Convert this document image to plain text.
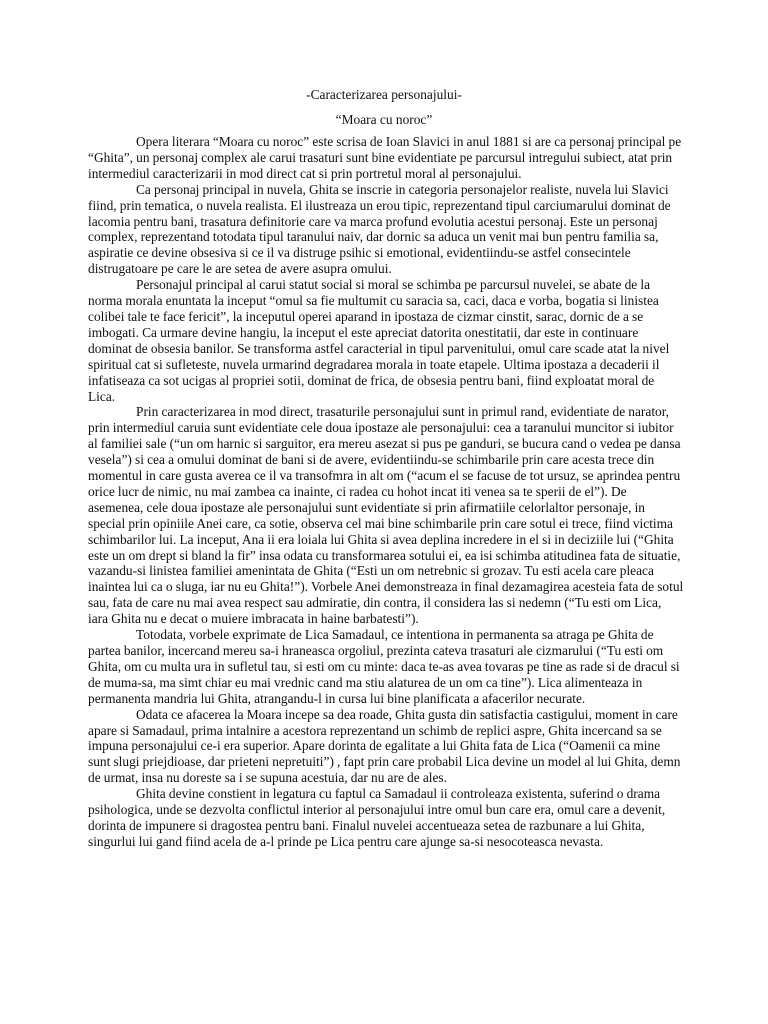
-Caracterizarea personajului-
“Moara cu noroc”

Opera literara “Moara cu noroc” este scrisa de Ioan Slavici in anul 1881 si are ca personaj principal pe “Ghita”, un personaj complex ale carui trasaturi sunt bine evidentiate pe parcursul intregului subiect, atat prin intermediul caracterizarii in mod direct cat si prin portretul moral al personajului.

Ca personaj principal in nuvela, Ghita se inscrie in categoria personajelor realiste, nuvela lui Slavici fiind, prin tematica, o nuvela realista. El ilustreaza un erou tipic, reprezentand tipul carciumarului dominat de lacomia pentru bani, trasatura definitorie care va marca profund evolutia acestui personaj. Este un personaj complex, reprezentand totodata tipul taranului naiv, dar dornic sa aduca un venit mai bun pentru familia sa, aspiratie ce devine obsesiva si ce il va distruge psihic si emotional, evidentiindu-se astfel consecintele distrugatoare pe care le are setea de avere asupra omului.

Personajul principal al carui statut social si moral se schimba pe parcursul nuvelei, se abate de la norma morala enuntata la inceput “omul sa fie multumit cu saracia sa, caci, daca e vorba, bogatia si linistea colibei tale te face fericit”, la inceputul operei aparand in ipostaza de cizmar cinstit, sarac, dornic de a se imbogati. Ca urmare devine hangiu, la inceput el este apreciat datorita onestitatii, dar este in continuare dominat de obsesia banilor. Se transforma astfel caracterial in tipul parvenitului, omul care scade atat la nivel spiritual cat si sufleteste, nuvela urmarind degradarea morala in toate etapele. Ultima ipostaza a decaderii il infatiseaza ca sot ucigas al propriei sotii, dominat de frica, de obsesia pentru bani, fiind exploatat moral de Lica.

Prin caracterizarea in mod direct, trasaturile personajului sunt in primul rand, evidentiate de narator, prin intermediul caruia sunt evidentiate cele doua ipostaze ale personajului: cea a taranului muncitor si iubitor al familiei sale (“un om harnic si sarguitor, era mereu asezat si pus pe ganduri, se bucura cand o vedea pe dansa vesela”) si cea a omului dominat de bani si de avere, evidentiindu-se schimbarile prin care acesta trece din momentul in care gusta averea ce il va transofmra in alt om (“acum el se facuse de tot ursuz, se aprindea pentru orice lucr de nimic, nu mai zambea ca inainte, ci radea cu hohot incat iti venea sa te sperii de el”). De asemenea, cele doua ipostaze ale personajului sunt evidentiate si prin afirmatiile celorlaltor personaje, in special prin opiniile Anei care, ca sotie, observa cel mai bine schimbarile prin care sotul ei trece, fiind victima schimbarilor lui. La inceput, Ana ii era loiala lui Ghita si avea deplina incredere in el si in deciziile lui (“Ghita este un om drept si bland la fir” insa odata cu transformarea sotului ei, ea isi schimba atitudinea fata de situatie, vazandu-si linistea familiei amenintata de Ghita (“Esti un om netrebnic si grozav. Tu esti acela care pleaca inaintea lui ca o sluga, iar nu eu Ghita!”). Vorbele Anei demonstreaza in final dezamagirea acesteia fata de sotul sau, fata de care nu mai avea respect sau admiratie, din contra, il considera las si nedemn (“Tu esti om Lica, iara Ghita nu e decat o muiere imbracata in haine barbatesti”).

Totodata, vorbele exprimate de Lica Samadaul, ce intentiona in permanenta sa atraga pe Ghita de partea banilor, incercand mereu sa-i hraneasca orgoliul, prezinta cateva trasaturi ale cizmarului (“Tu esti om Ghita, om cu multa ura in sufletul tau, si esti om cu minte: daca te-as avea tovaras pe tine as rade si de dracul si de muma-sa, ma simt chiar eu mai vrednic cand ma stiu alaturea de un om ca tine”). Lica alimenteaza in permanenta mandria lui Ghita, atrangandu-l in cursa lui bine planificata a afacerilor necurate.

Odata ce afacerea la Moara incepe sa dea roade, Ghita gusta din satisfactia castigului, moment in care apare si Samadaul, prima intalnire a acestora reprezentand un schimb de replici aspre, Ghita incercand sa se impuna personajului ce-i era superior. Apare dorinta de egalitate a lui Ghita fata de Lica (“Oamenii ca mine sunt slugi priejdioase, dar prieteni nepretuiti”) , fapt prin care probabil Lica devine un model al lui Ghita, demn de urmat, insa nu doreste sa i se supuna acestuia, dar nu are de ales.

Ghita devine constient in legatura cu faptul ca Samadaul ii controleaza existenta, suferind o drama psihologica, unde se dezvolta conflictul interior al personajului intre omul bun care era, omul care a devenit, dorinta de impunere si dragostea pentru bani. Finalul nuvelei accentueaza setea de razbunare a lui Ghita, singurlui lui gand fiind acela de a-l prinde pe Lica pentru care ajunge sa-si nesocoteasca nevasta.
